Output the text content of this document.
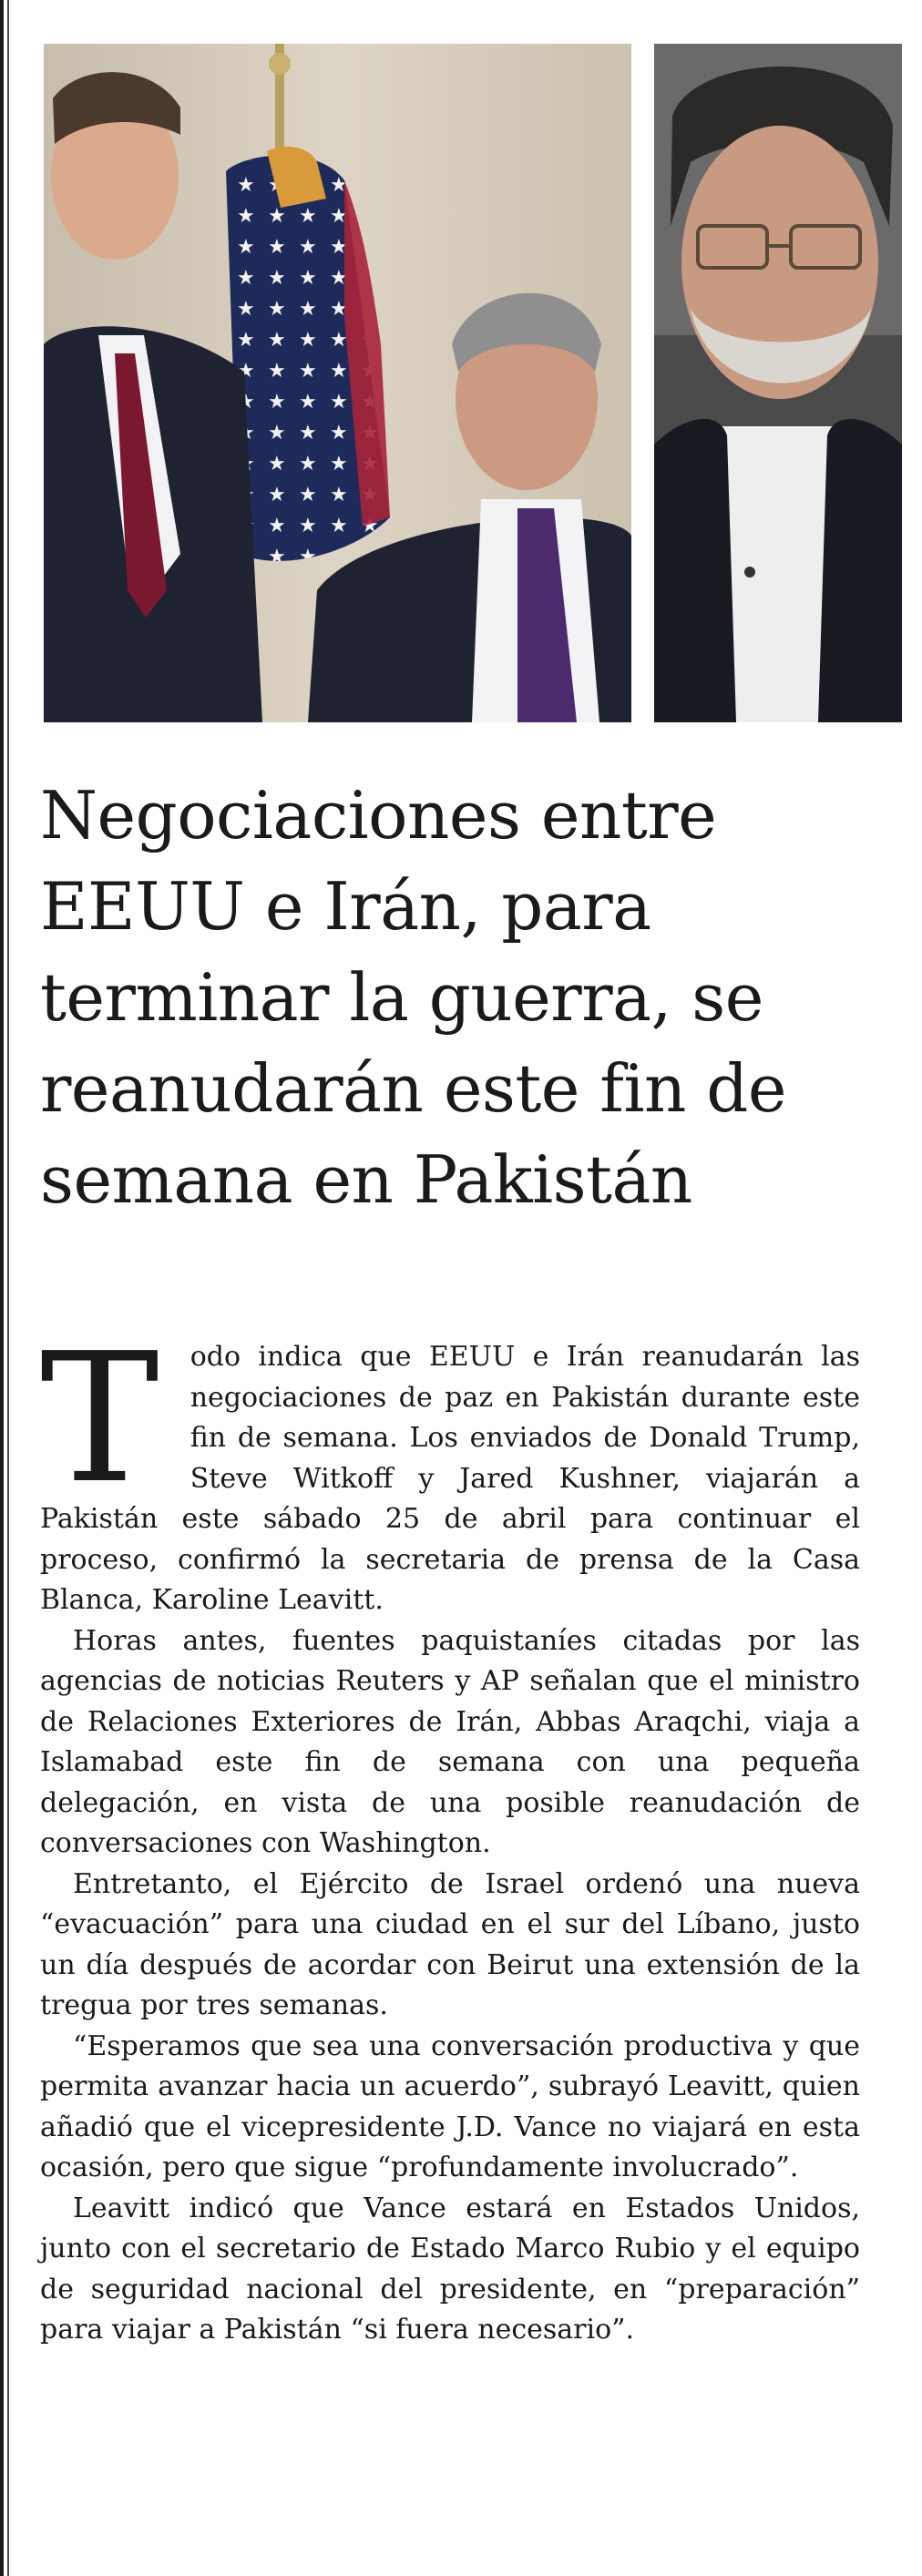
Negociaciones entre EEUU e Irán, para terminar la guerra, se reanudarán este fin de semana en Pakistán

T odo indica que EEUU e Irán reanudarán las negociaciones de paz en Pakistán durante este fin de semana. Los enviados de Donald Trump, Steve Witkoff y Jared Kushner, viajarán a Pakistán este sábado 25 de abril para continuar el proceso, confirmó la secretaria de prensa de la Casa Blanca, Karoline Leavitt.

Horas antes, fuentes paquistaníes citadas por las agencias de noticias Reuters y AP señalan que el ministro de Relaciones Exteriores de Irán, Abbas Araqchi, viaja a Islamabad este fin de semana con una pequeña delegación, en vista de una posible reanudación de conversaciones con Washington.

Entretanto, el Ejército de Israel ordenó una nueva “evacuación” para una ciudad en el sur del Líbano, justo un día después de acordar con Beirut una extensión de la tregua por tres semanas.

“Esperamos que sea una conversación productiva y que permita avanzar hacia un acuerdo”, subrayó Leavitt, quien añadió que el vicepresidente J.D. Vance no viajará en esta ocasión, pero que sigue “profundamente involucrado”.

Leavitt indicó que Vance estará en Estados Unidos, junto con el secretario de Estado Marco Rubio y el equipo de seguridad nacional del presidente, en “preparación” para viajar a Pakistán “si fuera necesario”.
